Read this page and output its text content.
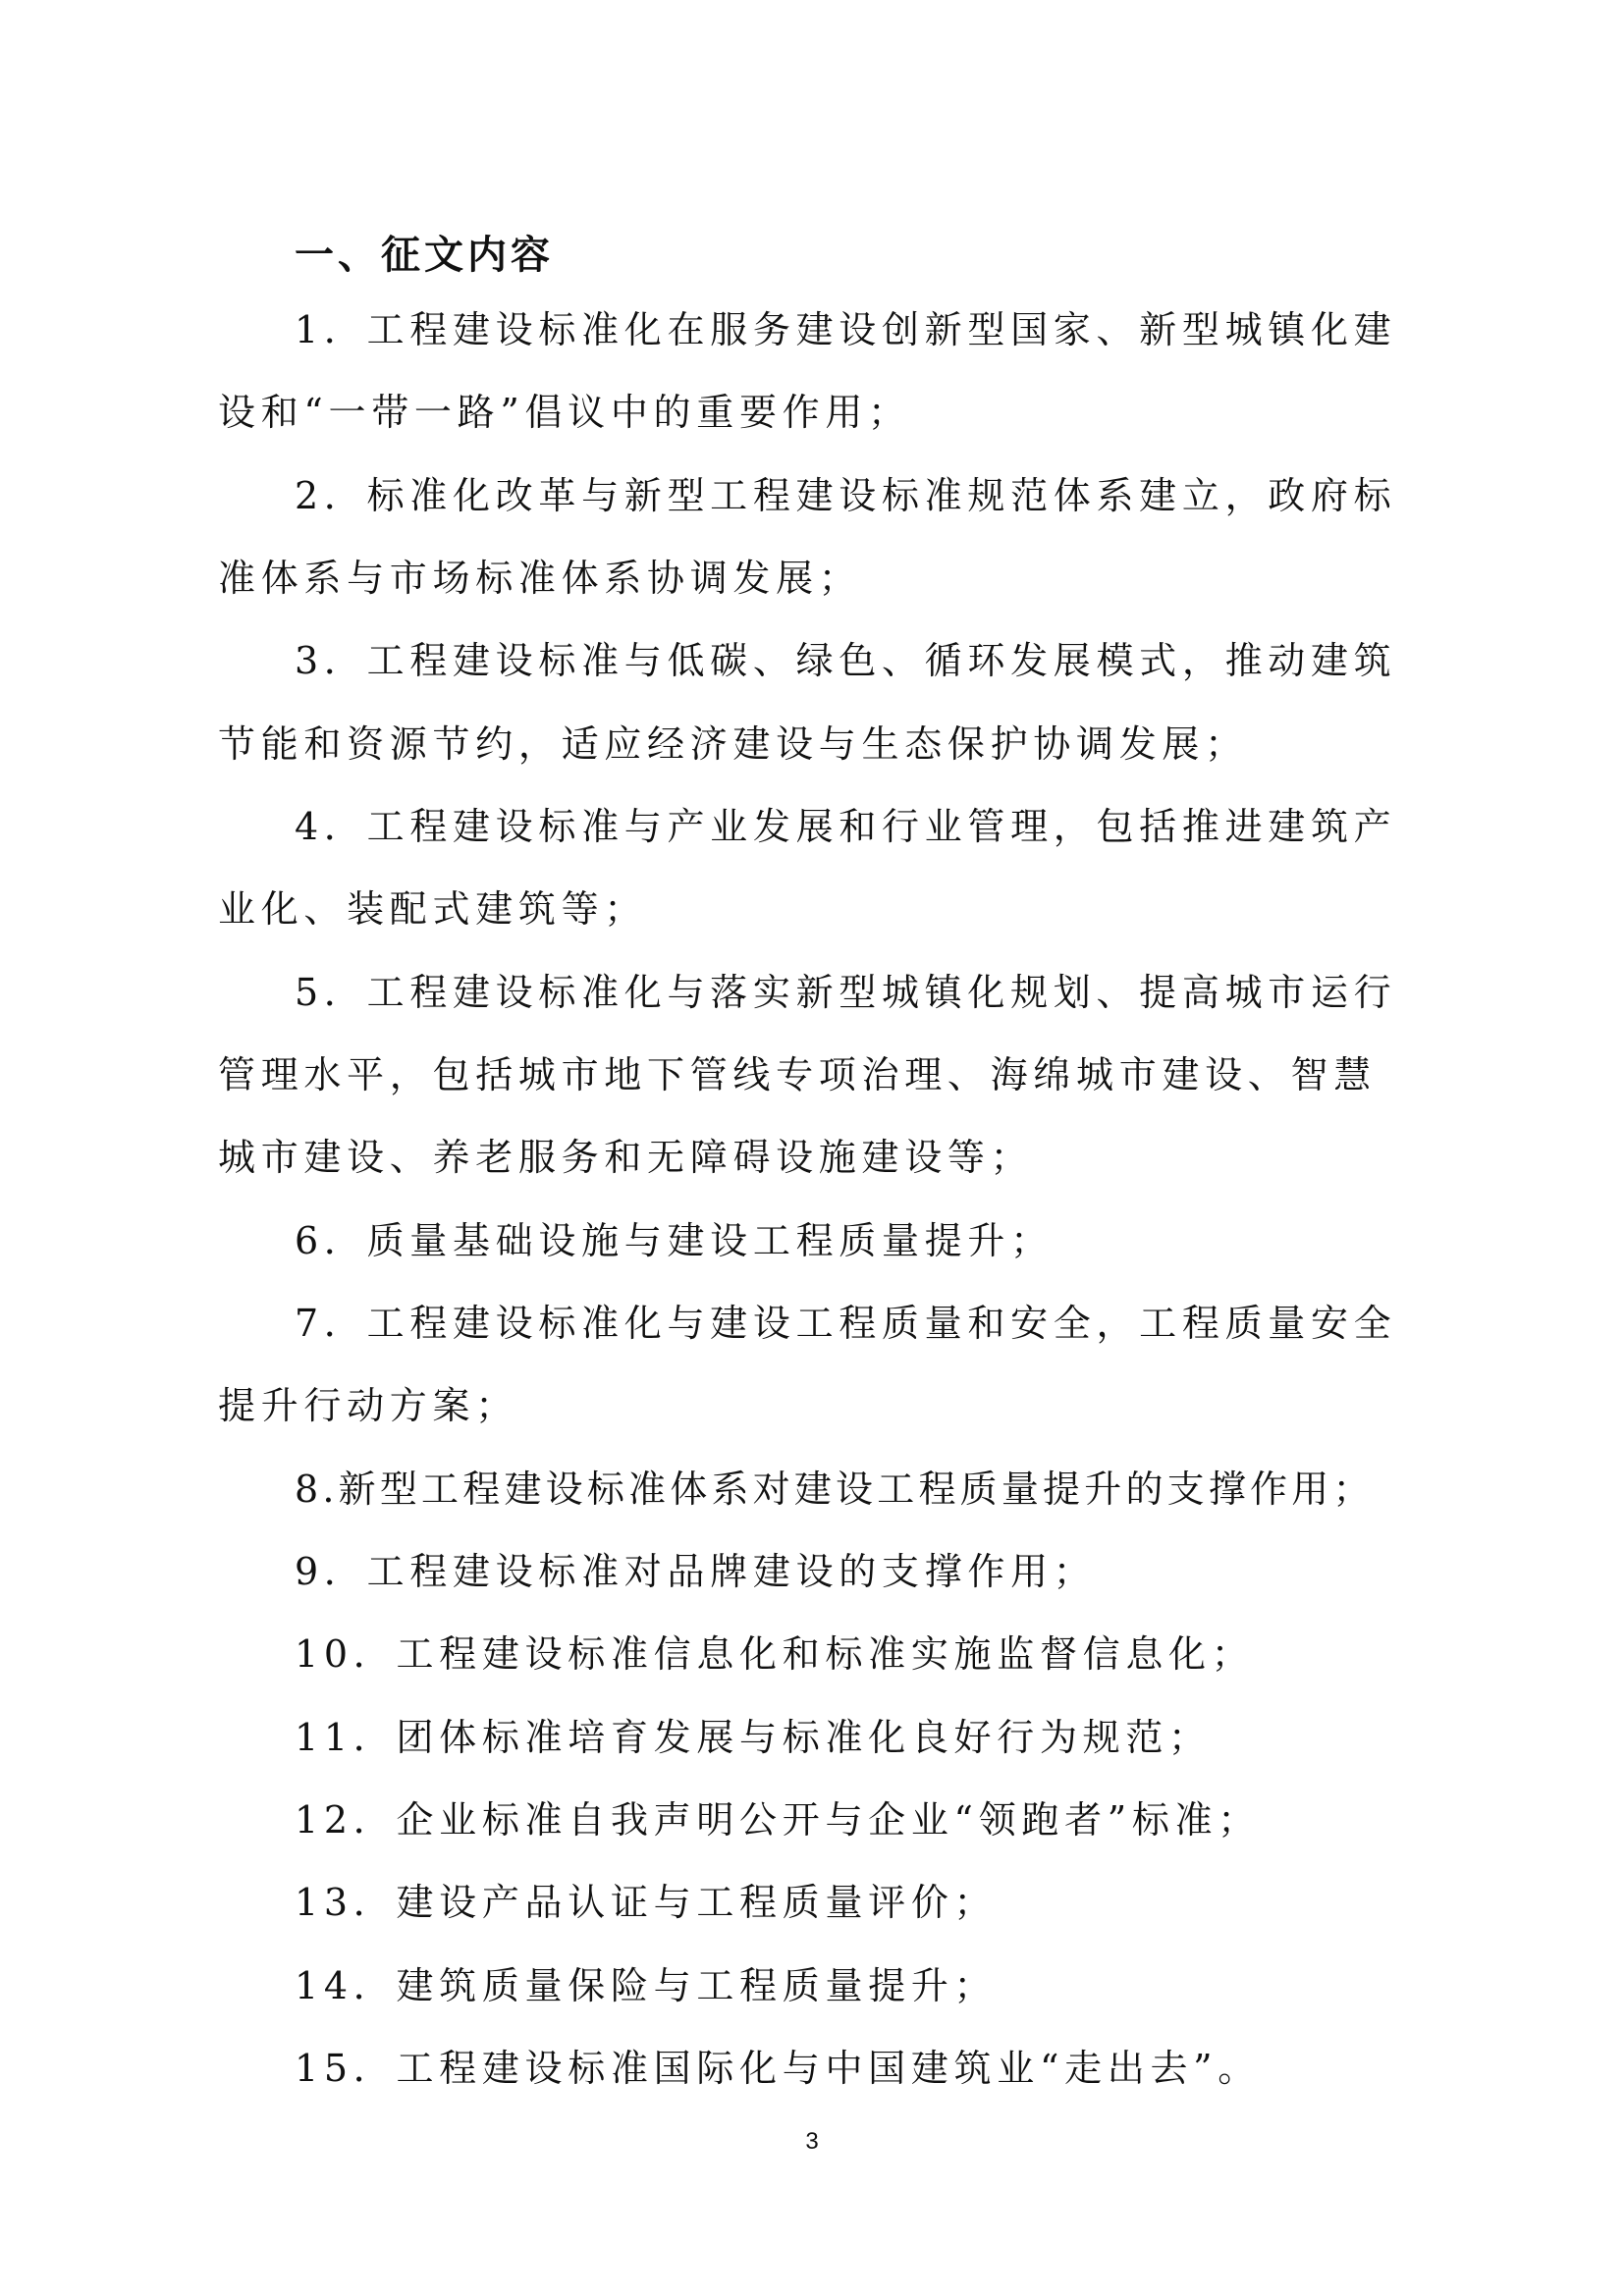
一、征文内容
1．工程建设标准化在服务建设创新型国家、新型城镇化建
设和“一带一路”倡议中的重要作用；
2．标准化改革与新型工程建设标准规范体系建立，政府标
准体系与市场标准体系协调发展；
3．工程建设标准与低碳、绿色、循环发展模式，推动建筑
节能和资源节约，适应经济建设与生态保护协调发展；
4．工程建设标准与产业发展和行业管理，包括推进建筑产
业化、装配式建筑等；
5．工程建设标准化与落实新型城镇化规划、提高城市运行
管理水平，包括城市地下管线专项治理、海绵城市建设、智慧
城市建设、养老服务和无障碍设施建设等；
6．质量基础设施与建设工程质量提升；
7．工程建设标准化与建设工程质量和安全，工程质量安全
提升行动方案；
8.新型工程建设标准体系对建设工程质量提升的支撑作用；
9．工程建设标准对品牌建设的支撑作用；
10．工程建设标准信息化和标准实施监督信息化；
11．团体标准培育发展与标准化良好行为规范；
12．企业标准自我声明公开与企业“领跑者”标准；
13．建设产品认证与工程质量评价；
14．建筑质量保险与工程质量提升；
15．工程建设标准国际化与中国建筑业“走出去”。
3
